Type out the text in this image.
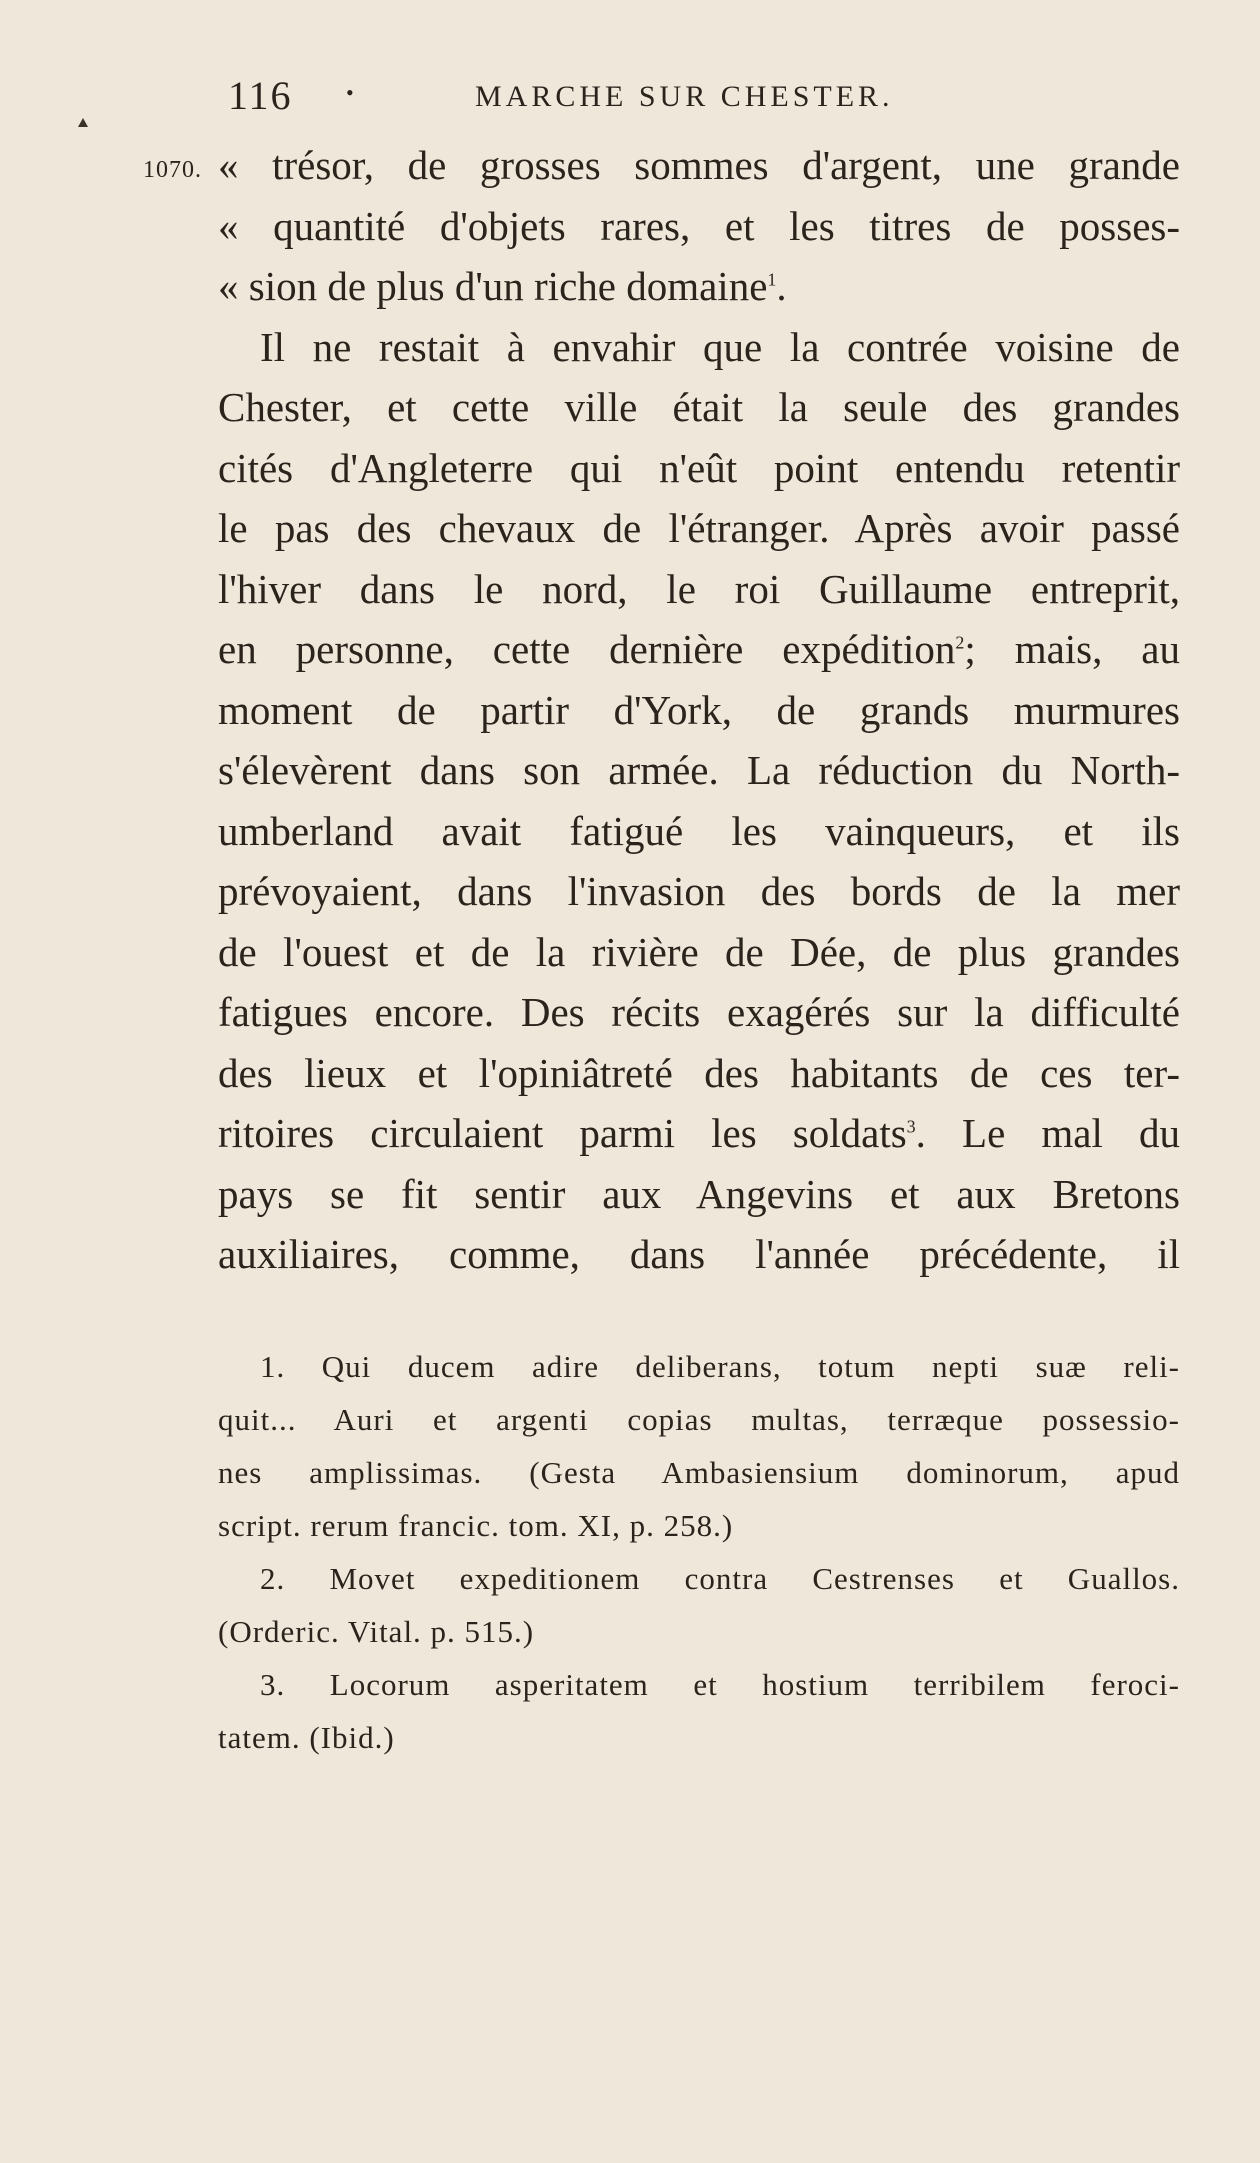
116 •	MARCHE SUR CHESTER.
1070. « trésor, de grosses sommes d'argent, une grande
« quantité d'objets rares, et les titres de posses-
« sion de plus d'un riche domaine$^1$.
Il ne restait à envahir que la contrée voisine de
Chester, et cette ville était la seule des grandes
cités d'Angleterre qui n'eût point entendu retentir
le pas des chevaux de l'étranger. Après avoir passé
l'hiver dans le nord, le roi Guillaume entreprit,
en personne, cette dernière expédition$^2$; mais, au
moment de partir d'York, de grands murmures
s'élevèrent dans son armée. La réduction du North-
umberland avait fatigué les vainqueurs, et ils
prévoyaient, dans l'invasion des bords de la mer
de l'ouest et de la rivière de Dée, de plus grandes
fatigues encore. Des récits exagérés sur la difficulté
des lieux et l'opiniâtreté des habitants de ces ter-
ritoires circulaient parmi les soldats$^3$. Le mal du
pays se fit sentir aux Angevins et aux Bretons
auxiliaires, comme, dans l'année précédente, il
1. Qui ducem adire deliberans, totum nepti suæ reli-
quit... Auri et argenti copias multas, terræque possessio-
nes amplissimas. (Gesta Ambasiensium dominorum, apud
script. rerum francic. tom. XI, p. 258.)
2. Movet expeditionem contra Cestrenses et Guallos.
(Orderic. Vital. p. 515.)
3. Locorum asperitatem et hostium terribilem feroci-
tatem. (Ibid.)
